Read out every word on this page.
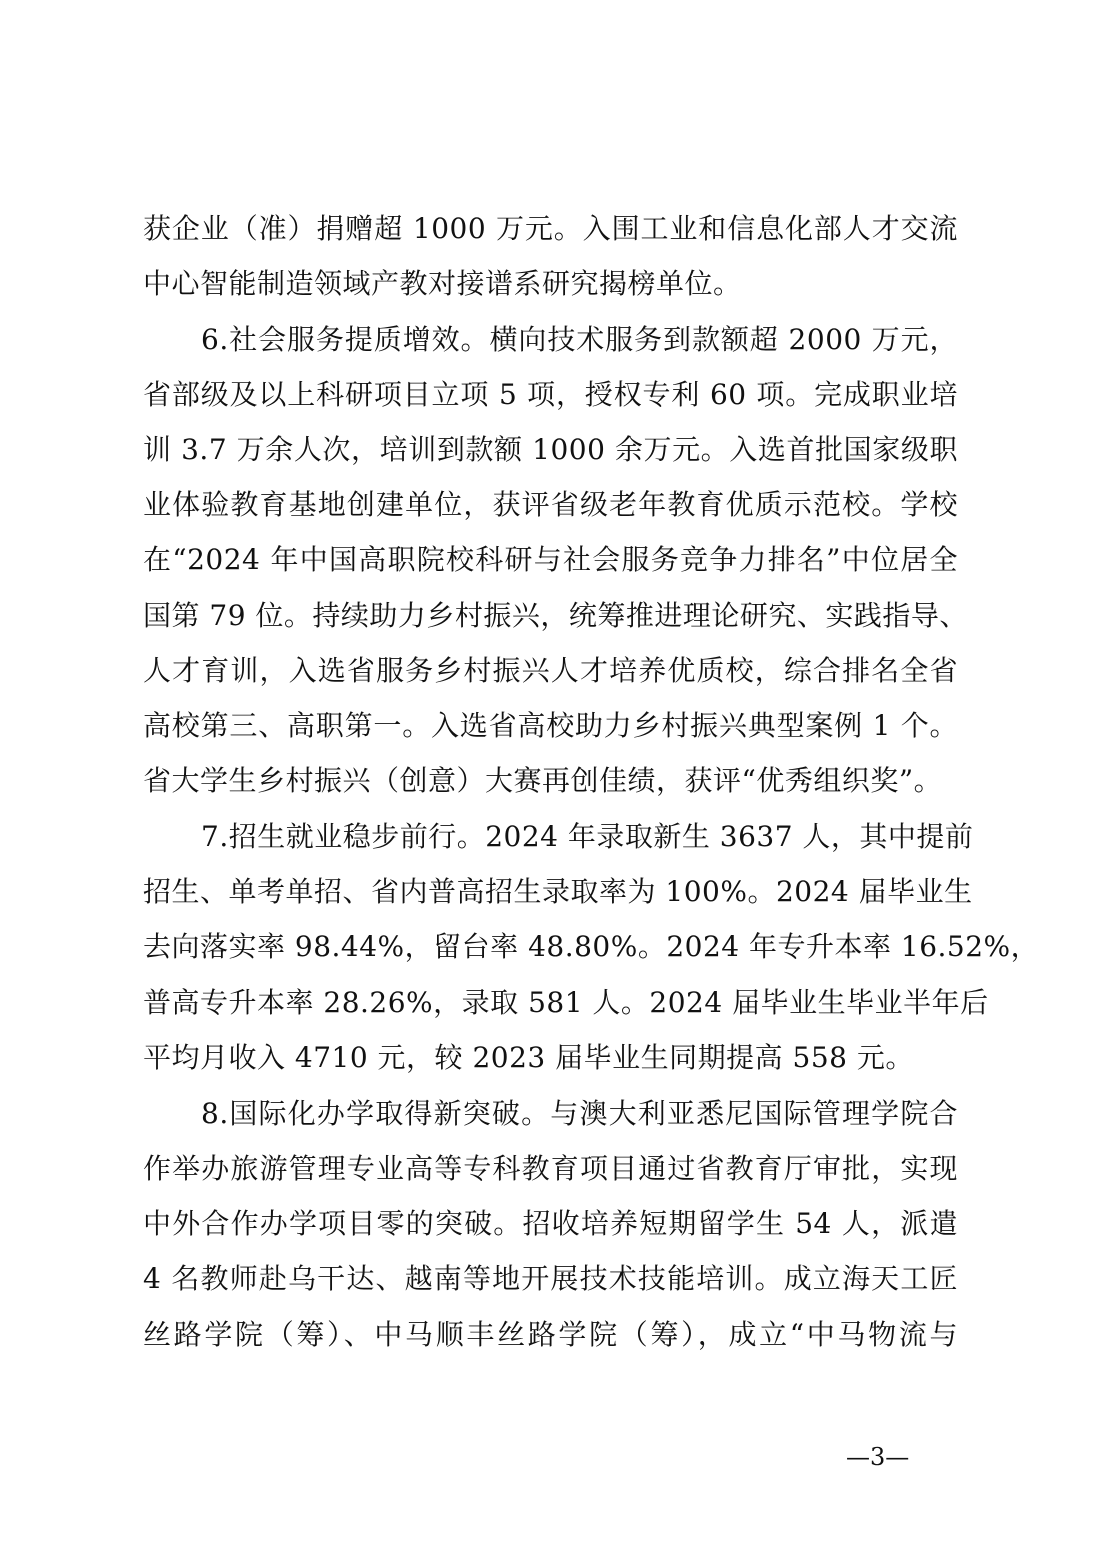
获企业（准）捐赠超 1000 万元。入围工业和信息化部人才交流
中心智能制造领域产教对接谱系研究揭榜单位。
6.社会服务提质增效。横向技术服务到款额超 2000 万元，
省部级及以上科研项目立项 5 项，授权专利 60 项。完成职业培
训 3.7 万余人次，培训到款额 1000 余万元。入选首批国家级职
业体验教育基地创建单位，获评省级老年教育优质示范校。学校
在“2024 年中国高职院校科研与社会服务竞争力排名”中位居全
国第 79 位。持续助力乡村振兴，统筹推进理论研究、实践指导、
人才育训，入选省服务乡村振兴人才培养优质校，综合排名全省
高校第三、高职第一。入选省高校助力乡村振兴典型案例 1 个。
省大学生乡村振兴（创意）大赛再创佳绩，获评“优秀组织奖”。
7.招生就业稳步前行。2024 年录取新生 3637 人，其中提前
招生、单考单招、省内普高招生录取率为 100%。2024 届毕业生
去向落实率 98.44%，留台率 48.80%。2024 年专升本率 16.52%，
普高专升本率 28.26%，录取 581 人。2024 届毕业生毕业半年后
平均月收入 4710 元，较 2023 届毕业生同期提高 558 元。
8.国际化办学取得新突破。与澳大利亚悉尼国际管理学院合
作举办旅游管理专业高等专科教育项目通过省教育厅审批，实现
中外合作办学项目零的突破。招收培养短期留学生 54 人，派遣
4 名教师赴乌干达、越南等地开展技术技能培训。成立海天工匠
丝路学院（筹）、中马顺丰丝路学院（筹），成立“中马物流与
—3—
